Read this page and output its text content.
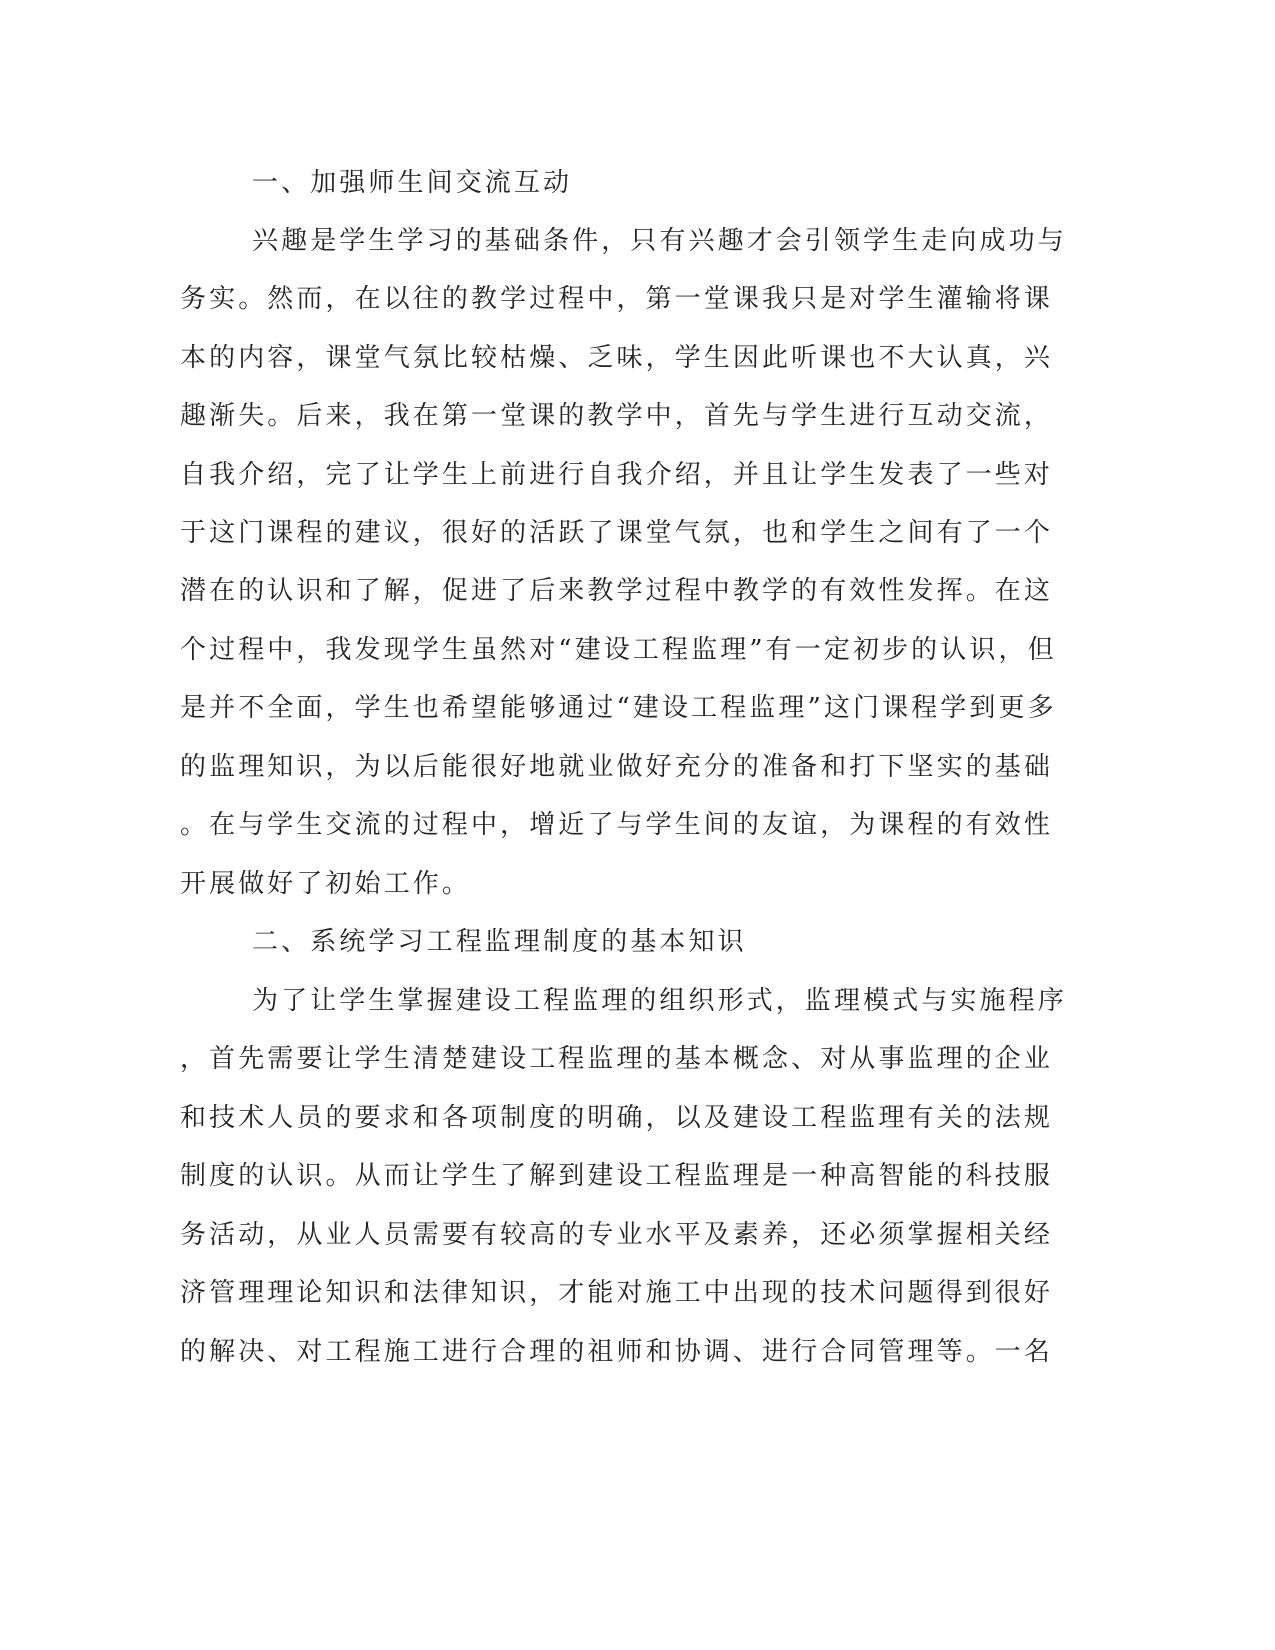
一、加强师生间交流互动
兴趣是学生学习的基础条件，只有兴趣才会引领学生走向成功与
务实。然而，在以往的教学过程中，第一堂课我只是对学生灌输将课
本的内容，课堂气氛比较枯燥、乏味，学生因此听课也不大认真，兴
趣渐失。后来，我在第一堂课的教学中，首先与学生进行互动交流，
自我介绍，完了让学生上前进行自我介绍，并且让学生发表了一些对
于这门课程的建议，很好的活跃了课堂气氛，也和学生之间有了一个
潜在的认识和了解，促进了后来教学过程中教学的有效性发挥。在这
个过程中，我发现学生虽然对“建设工程监理”有一定初步的认识，但
是并不全面，学生也希望能够通过“建设工程监理”这门课程学到更多
的监理知识，为以后能很好地就业做好充分的准备和打下坚实的基础
。在与学生交流的过程中，增近了与学生间的友谊，为课程的有效性
开展做好了初始工作。
二、系统学习工程监理制度的基本知识
为了让学生掌握建设工程监理的组织形式，监理模式与实施程序
，首先需要让学生清楚建设工程监理的基本概念、对从事监理的企业
和技术人员的要求和各项制度的明确，以及建设工程监理有关的法规
制度的认识。从而让学生了解到建设工程监理是一种高智能的科技服
务活动，从业人员需要有较高的专业水平及素养，还必须掌握相关经
济管理理论知识和法律知识，才能对施工中出现的技术问题得到很好
的解决、对工程施工进行合理的祖师和协调、进行合同管理等。一名
